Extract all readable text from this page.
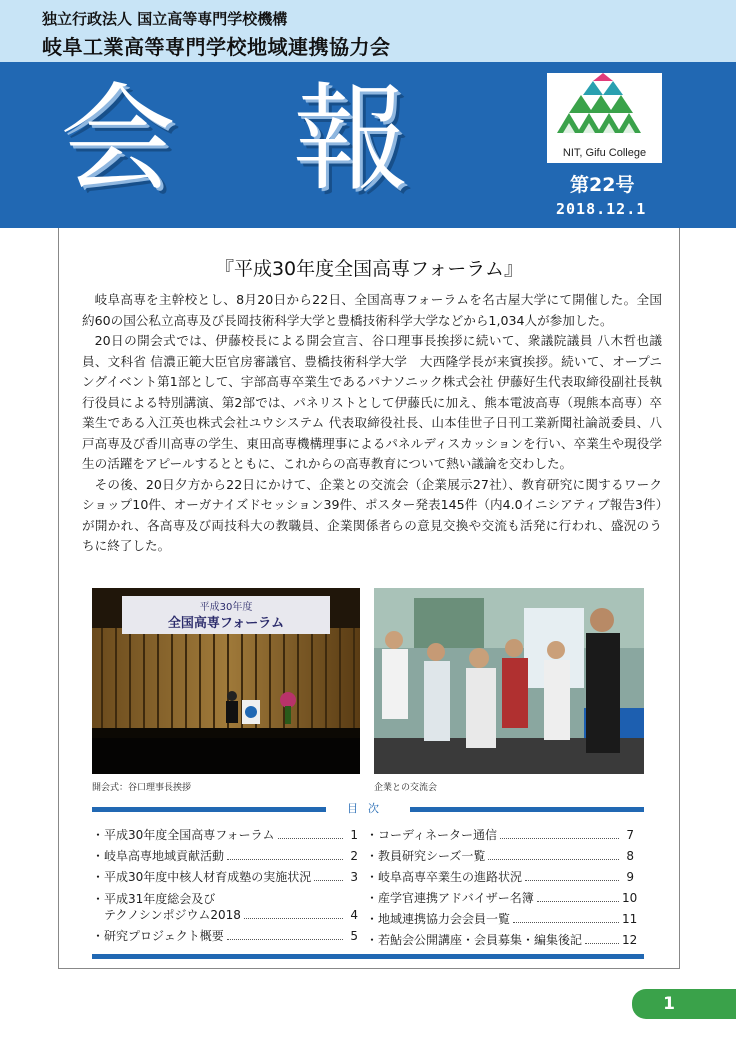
独立行政法人 国立高等専門学校機構
岐阜工業高等専門学校地域連携協力会
会 報	NIT, Gifu College
第22号
2018.12.1
『平成30年度全国高専フォーラム』

岐阜高専を主幹校とし、8月20日から22日、全国高専フォーラムを名古屋大学にて開催した。全国約60の国公私立高専及び長岡技術科学大学と豊橋技術科学大学などから1,034人が参加した。

20日の開会式では、伊藤校長による開会宣言、谷口理事長挨拶に続いて、衆議院議員 八木哲也議員、文科省 信濃正範大臣官房審議官、豊橋技術科学大学　大西隆学長が来賓挨拶。続いて、オープニングイベント第1部として、宇部高専卒業生であるパナソニック株式会社 伊藤好生代表取締役副社長執行役員による特別講演、第2部では、パネリストとして伊藤氏に加え、熊本電波高専（現熊本高専）卒業生である入江英也株式会社ユウシステム 代表取締役社長、山本佳世子日刊工業新聞社論説委員、八戸高専及び香川高専の学生、東田高専機構理事によるパネルディスカッションを行い、卒業生や現役学生の活躍をアピールするとともに、これからの高専教育について熱い議論を交わした。

その後、20日夕方から22日にかけて、企業との交流会（企業展示27社）、教育研究に関するワークショップ10件、オーガナイズドセッション39件、ポスター発表145件（内4.0イニシアティブ報告3件）が開かれ、各高専及び両技科大の教職員、企業関係者らの意見交換や交流も活発に行われ、盛況のうちに終了した。

平成30年度
全国高専フォーラム
開会式：谷口理事長挨拶	企業との交流会
目次
・平成30年度全国高専フォーラム	1
・岐阜高専地域貢献活動	2
・平成30年度中核人材育成塾の実施状況	3
・平成31年度総会及び
　テクノシンポジウム2018	4
・研究プロジェクト概要	5
・コーディネーター通信	7
・教員研究シーズ一覧	8
・岐阜高専卒業生の進路状況	9
・産学官連携アドバイザー名簿	10
・地域連携協力会会員一覧	11
・若鮎会公開講座・会員募集・編集後記	12
1
